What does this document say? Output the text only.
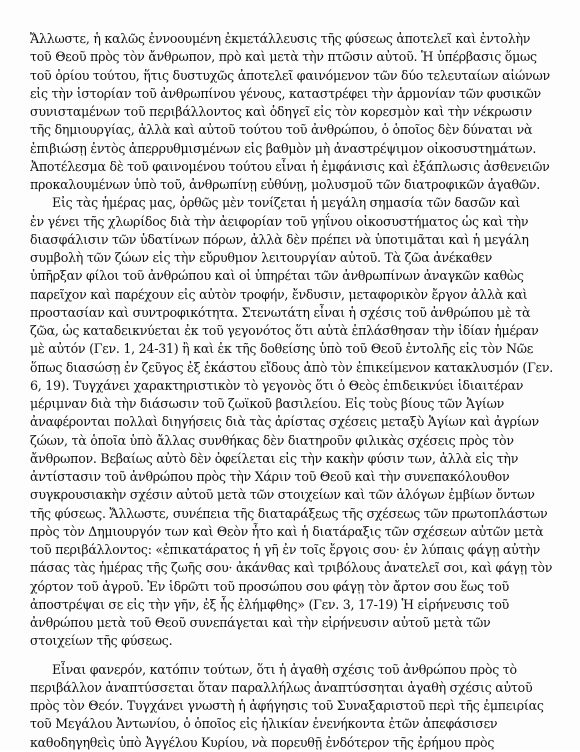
Ἄλλωστε, ἡ καλῶς ἐννοουμένη ἐκμετάλλευσις τῆς φύσεως ἀποτελεῖ καὶ ἐντολὴν
τοῦ Θεοῦ πρὸς τὸν ἄνθρωπον, πρὸ καὶ μετὰ τὴν πτῶσιν αὐτοῦ. Ἡ ὑπέρβασις ὅμως
τοῦ ὁρίου τούτου, ἥτις δυστυχῶς ἀποτελεῖ φαινόμενον τῶν δύο τελευταίων αἰώνων
εἰς τὴν ἱστορίαν τοῦ ἀνθρωπίνου γένους, καταστρέφει τὴν ἁρμονίαν τῶν φυσικῶν
συνισταμένων τοῦ περιβάλλοντος καὶ ὁδηγεῖ εἰς τὸν κορεσμὸν καὶ τὴν νέκρωσιν
τῆς δημιουργίας, ἀλλὰ καὶ αὐτοῦ τούτου τοῦ ἀνθρώπου, ὁ ὁποῖος δὲν δύναται νὰ
ἐπιβιώσῃ ἐντὸς ἀπερρυθμισμένων εἰς βαθμὸν μὴ ἀναστρέψιμον οἰκοσυστημάτων.
Ἀποτέλεσμα δὲ τοῦ φαινομένου τούτου εἶναι ἡ ἐμφάνισις καὶ ἐξάπλωσις ἀσθενειῶν
προκαλουμένων ὑπὸ τοῦ, ἀνθρωπίνῃ εὐθύνῃ, μολυσμοῦ τῶν διατροφικῶν ἀγαθῶν.
Εἰς τὰς ἡμέρας μας, ὀρθῶς μὲν τονίζεται ἡ μεγάλη σημασία τῶν δασῶν καὶ
ἐν γένει τῆς χλωρίδος διὰ τὴν ἀειφορίαν τοῦ γηΐνου οἰκοσυστήματος ὡς καὶ τὴν
διασφάλισιν τῶν ὑδατίνων πόρων, ἀλλὰ δὲν πρέπει νὰ ὑποτιμᾶται καὶ ἡ μεγάλη
συμβολὴ τῶν ζώων εἰς τὴν εὔρυθμον λειτουργίαν αὐτοῦ. Τὰ ζῶα ἀνέκαθεν
ὑπῆρξαν φίλοι τοῦ ἀνθρώπου καὶ οἱ ὑπηρέται τῶν ἀνθρωπίνων ἀναγκῶν καθὼς
παρεῖχον καὶ παρέχουν εἰς αὐτὸν τροφήν, ἔνδυσιν, μεταφορικὸν ἔργον ἀλλὰ καὶ
προστασίαν καὶ συντροφικότητα. Στενωτάτη εἶναι ἡ σχέσις τοῦ ἀνθρώπου μὲ τὰ
ζῶα, ὡς καταδεικνύεται ἐκ τοῦ γεγονότος ὅτι αὐτὰ ἐπλάσθησαν τὴν ἰδίαν ἡμέραν
μὲ αὐτόν (Γεν. 1, 24-31) ἢ καὶ ἐκ τῆς δοθείσης ὑπὸ τοῦ Θεοῦ ἐντολῆς εἰς τὸν Νῶε
ὅπως διασώσῃ ἐν ζεῦγος ἐξ ἑκάστου εἴδους ἀπὸ τὸν ἐπικείμενον κατακλυσμόν (Γεν.
6, 19). Τυγχάνει χαρακτηριστικὸν τὸ γεγονὸς ὅτι ὁ Θεὸς ἐπιδεικνύει ἰδιαιτέραν
μέριμναν διὰ τὴν διάσωσιν τοῦ ζωϊκοῦ βασιλείου. Εἰς τοὺς βίους τῶν Ἁγίων
ἀναφέρονται πολλαὶ διηγήσεις διὰ τὰς ἀρίστας σχέσεις μεταξὺ Ἁγίων καὶ ἀγρίων
ζώων, τὰ ὁποῖα ὑπὸ ἄλλας συνθήκας δὲν διατηροῦν φιλικὰς σχέσεις πρὸς τὸν
ἄνθρωπον. Βεβαίως αὐτὸ δὲν ὀφείλεται εἰς τὴν κακὴν φύσιν των, ἀλλὰ εἰς τὴν
ἀντίστασιν τοῦ ἀνθρώπου πρὸς τὴν Χάριν τοῦ Θεοῦ καὶ τὴν συνεπακόλουθον
συγκρουσιακὴν σχέσιν αὐτοῦ μετὰ τῶν στοιχείων καὶ τῶν ἀλόγων ἐμβίων ὄντων
τῆς φύσεως. Ἄλλωστε, συνέπεια τῆς διαταράξεως τῆς σχέσεως τῶν πρωτοπλάστων
πρὸς τὸν Δημιουργόν των καὶ Θεὸν ἦτο καὶ ἡ διατάραξις τῶν σχέσεων αὐτῶν μετὰ
τοῦ περιβάλλοντος: «ἐπικατάρατος ἡ γῆ ἐν τοῖς ἔργοις σου· ἐν λύπαις φάγῃ αὐτὴν
πάσας τὰς ἡμέρας τῆς ζωῆς σου· ἀκάνθας καὶ τριβόλους ἀνατελεῖ σοι, καὶ φάγῃ τὸν
χόρτον τοῦ ἀγροῦ. Ἐν ἱδρῶτι τοῦ προσώπου σου φάγῃ τὸν ἄρτον σου ἕως τοῦ
ἀποστρέψαι σε εἰς τὴν γῆν, ἐξ ἧς ἐλήμφθης» (Γεν. 3, 17-19) Ἡ εἰρήνευσις τοῦ
ἀνθρώπου μετὰ τοῦ Θεοῦ συνεπάγεται καὶ τὴν εἰρήνευσιν αὐτοῦ μετὰ τῶν
στοιχείων τῆς φύσεως.
Εἶναι φανερόν, κατόπιν τούτων, ὅτι ἡ ἀγαθὴ σχέσις τοῦ ἀνθρώπου πρὸς τὸ
περιβάλλον ἀναπτύσσεται ὅταν παραλλήλως ἀναπτύσσηται ἀγαθὴ σχέσις αὐτοῦ
πρὸς τὸν Θεόν. Τυγχάνει γνωστὴ ἡ ἀφήγησις τοῦ Συναξαριστοῦ περὶ τῆς ἐμπειρίας
τοῦ Μεγάλου Ἀντωνίου, ὁ ὁποῖος εἰς ἡλικίαν ἐνενήκοντα ἐτῶν ἀπεφάσισεν
καθοδηγηθεὶς ὑπὸ Ἀγγέλου Κυρίου, νὰ πορευθῇ ἐνδότερον τῆς ἐρήμου πρὸς
